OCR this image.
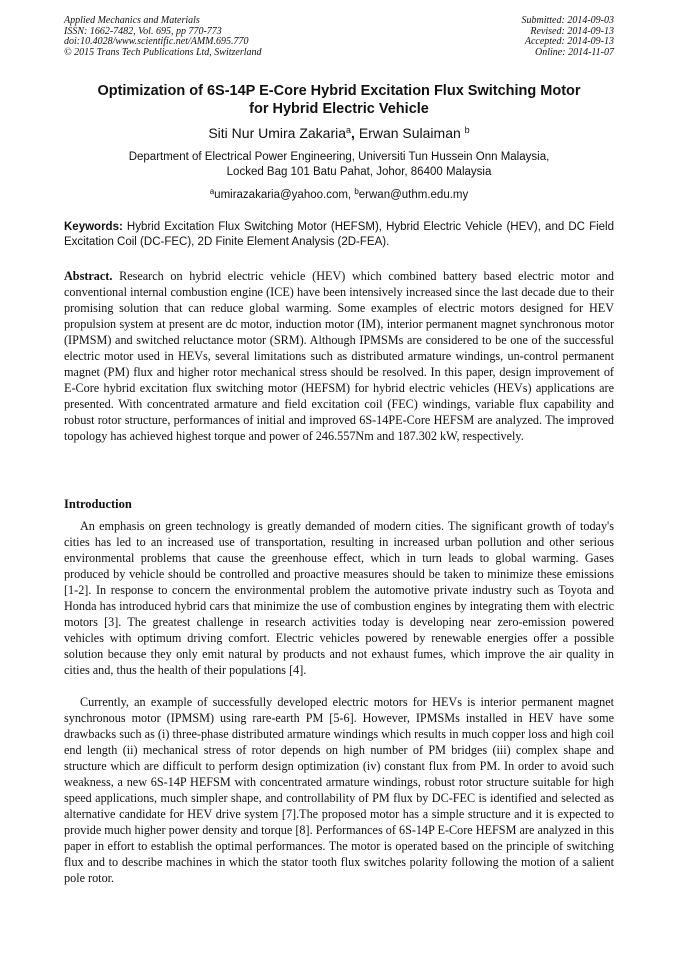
Applied Mechanics and Materials
ISSN: 1662-7482, Vol. 695, pp 770-773
doi:10.4028/www.scientific.net/AMM.695.770
© 2015 Trans Tech Publications Ltd, Switzerland
Submitted: 2014-09-03
Revised: 2014-09-13
Accepted: 2014-09-13
Online: 2014-11-07
Optimization of 6S-14P E-Core Hybrid Excitation Flux Switching Motor
for Hybrid Electric Vehicle
Siti Nur Umira Zakaria$^a$, Erwan Sulaiman $^b$
Department of Electrical Power Engineering, Universiti Tun Hussein Onn Malaysia,
Locked Bag 101 Batu Pahat, Johor, 86400 Malaysia
$^a$umirazakaria@yahoo.com, $^b$erwan@uthm.edu.my
Keywords: Hybrid Excitation Flux Switching Motor (HEFSM), Hybrid Electric Vehicle (HEV), and DC Field Excitation Coil (DC-FEC), 2D Finite Element Analysis (2D-FEA).
Abstract. Research on hybrid electric vehicle (HEV) which combined battery based electric motor and conventional internal combustion engine (ICE) have been intensively increased since the last decade due to their promising solution that can reduce global warming. Some examples of electric motors designed for HEV propulsion system at present are dc motor, induction motor (IM), interior permanent magnet synchronous motor (IPMSM) and switched reluctance motor (SRM). Although IPMSMs are considered to be one of the successful electric motor used in HEVs, several limitations such as distributed armature windings, un-control permanent magnet (PM) flux and higher rotor mechanical stress should be resolved. In this paper, design improvement of E-Core hybrid excitation flux switching motor (HEFSM) for hybrid electric vehicles (HEVs) applications are presented. With concentrated armature and field excitation coil (FEC) windings, variable flux capability and robust rotor structure, performances of initial and improved 6S-14PE-Core HEFSM are analyzed. The improved topology has achieved highest torque and power of 246.557Nm and 187.302 kW, respectively.
Introduction
An emphasis on green technology is greatly demanded of modern cities. The significant growth of today's cities has led to an increased use of transportation, resulting in increased urban pollution and other serious environmental problems that cause the greenhouse effect, which in turn leads to global warming. Gases produced by vehicle should be controlled and proactive measures should be taken to minimize these emissions [1-2]. In response to concern the environmental problem the automotive private industry such as Toyota and Honda has introduced hybrid cars that minimize the use of combustion engines by integrating them with electric motors [3]. The greatest challenge in research activities today is developing near zero-emission powered vehicles with optimum driving comfort. Electric vehicles powered by renewable energies offer a possible solution because they only emit natural by products and not exhaust fumes, which improve the air quality in cities and, thus the health of their populations [4].
Currently, an example of successfully developed electric motors for HEVs is interior permanent magnet synchronous motor (IPMSM) using rare-earth PM [5-6]. However, IPMSMs installed in HEV have some drawbacks such as (i) three-phase distributed armature windings which results in much copper loss and high coil end length (ii) mechanical stress of rotor depends on high number of PM bridges (iii) complex shape and structure which are difficult to perform design optimization (iv) constant flux from PM. In order to avoid such weakness, a new 6S-14P HEFSM with concentrated armature windings, robust rotor structure suitable for high speed applications, much simpler shape, and controllability of PM flux by DC-FEC is identified and selected as alternative candidate for HEV drive system [7].The proposed motor has a simple structure and it is expected to provide much higher power density and torque [8]. Performances of 6S-14P E-Core HEFSM are analyzed in this paper in effort to establish the optimal performances. The motor is operated based on the principle of switching flux and to describe machines in which the stator tooth flux switches polarity following the motion of a salient pole rotor.
